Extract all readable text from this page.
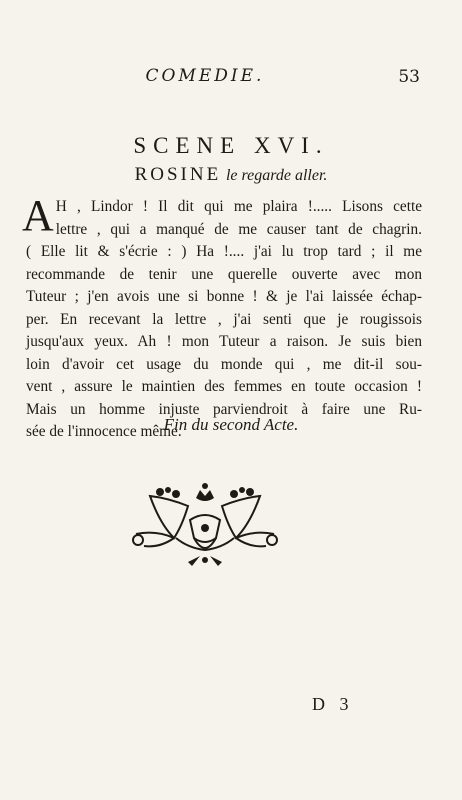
COMEDIE.	53
SCENE XVI.
ROSINE le regarde aller.
A H , Lindor ! Il dit qui me plaira !..... Lisons cette

lettre , qui a manqué de me causer tant de chagrin.

( Elle lit & s'écrie : ) Ha !.... j'ai lu trop tard ; il me

recommande de tenir une querelle ouverte avec mon

Tuteur ; j'en avois une si bonne ! & je l'ai laissée échap-

per. En recevant la lettre , j'ai senti que je rougissois

jusqu'aux yeux. Ah ! mon Tuteur a raison. Je suis bien

loin d'avoir cet usage du monde qui , me dit-il sou-

vent , assure le maintien des femmes en toute occasion !

Mais un homme injuste parviendroit à faire une Ru-

sée de l'innocence même.

Fin du second Acte.
D 3
